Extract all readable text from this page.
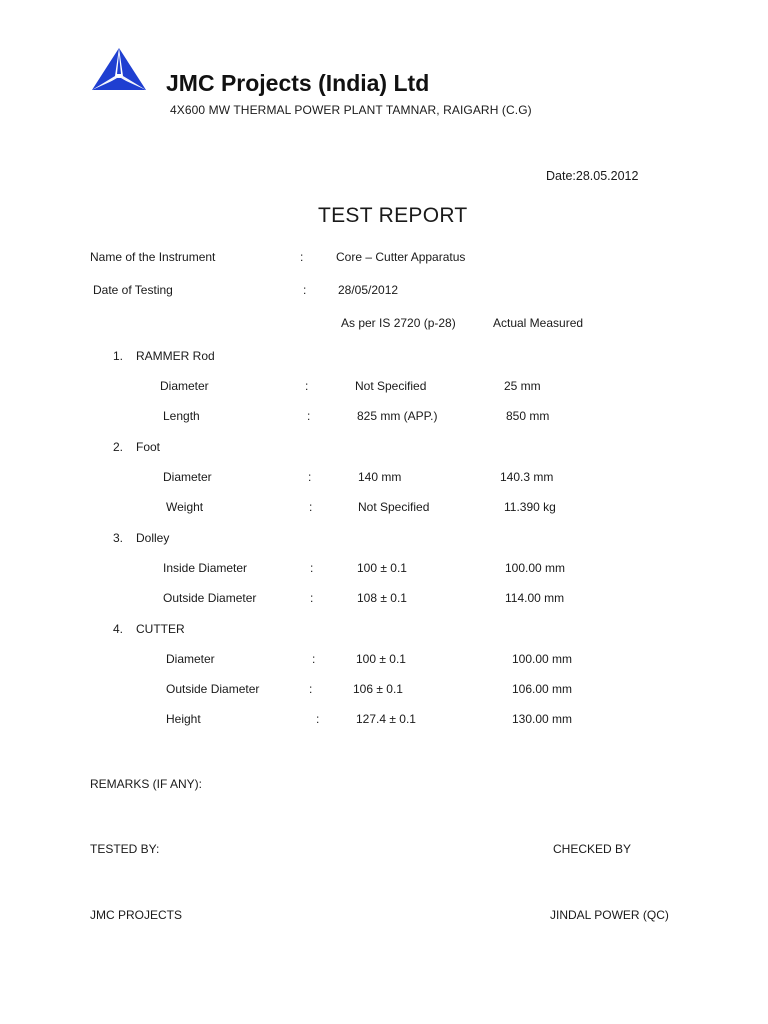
JMC Projects (India) Ltd
4X600 MW THERMAL POWER PLANT TAMNAR, RAIGARH (C.G)
Date:28.05.2012
TEST REPORT
Name of the Instrument	:	Core – Cutter Apparatus
Date of Testing	:	28/05/2012
As per IS 2720 (p-28)	Actual Measured
1. RAMMER Rod
Diameter	:	Not Specified	25 mm
Length	:	825 mm (APP.)	850 mm
2. Foot
Diameter	:	140 mm	140.3 mm
Weight	:	Not Specified	11.390 kg
3. Dolley
Inside Diameter	:	100 ± 0.1	100.00 mm
Outside Diameter	:	108 ± 0.1	114.00 mm
4. CUTTER
Diameter	:	100 ± 0.1	100.00 mm
Outside Diameter	:	106 ± 0.1	106.00 mm
Height	:	127.4 ± 0.1	130.00 mm
REMARKS (IF ANY):
TESTED BY:	CHECKED BY
JMC PROJECTS	JINDAL POWER (QC)
